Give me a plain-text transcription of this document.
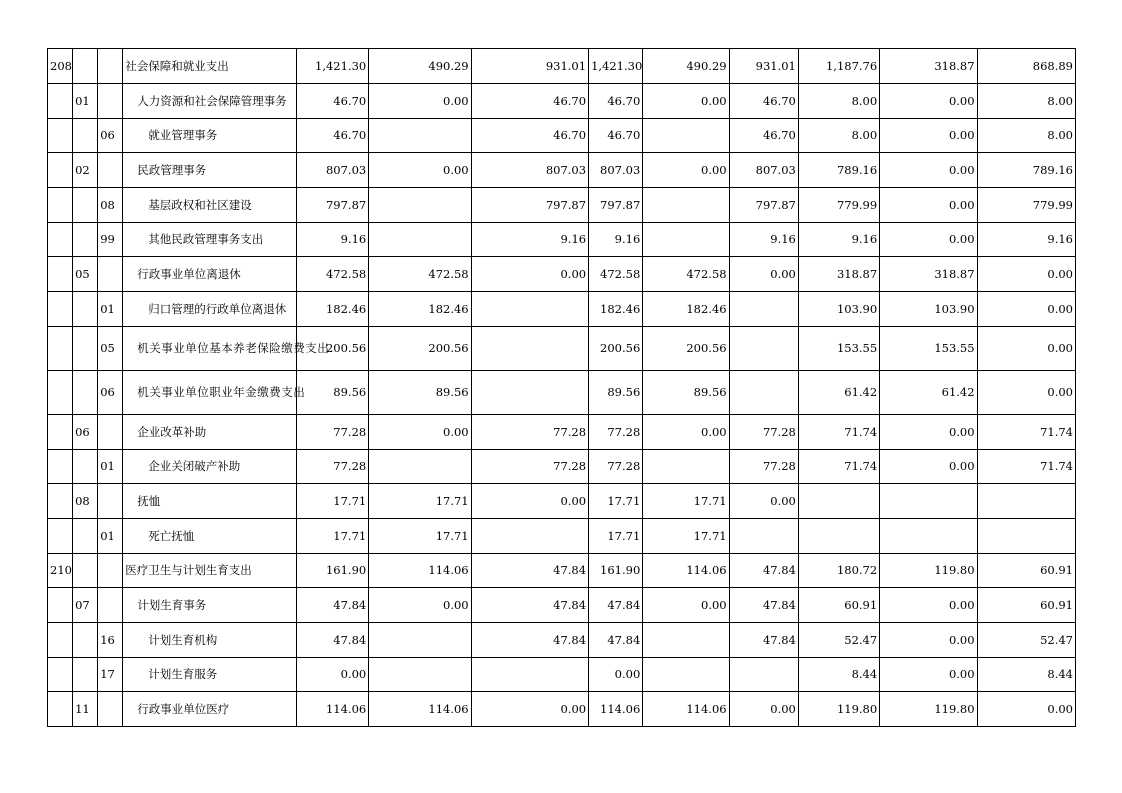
208			社会保障和就业支出	1,421.30	490.29	931.01	1,421.30	490.29	931.01	1,187.76	318.87	868.89
	01		人力资源和社会保障管理事务	46.70	0.00	46.70	46.70	0.00	46.70	8.00	0.00	8.00
		06	就业管理事务	46.70		46.70	46.70		46.70	8.00	0.00	8.00
	02		民政管理事务	807.03	0.00	807.03	807.03	0.00	807.03	789.16	0.00	789.16
		08	基层政权和社区建设	797.87		797.87	797.87		797.87	779.99	0.00	779.99
		99	其他民政管理事务支出	9.16		9.16	9.16		9.16	9.16	0.00	9.16
	05		行政事业单位离退休	472.58	472.58	0.00	472.58	472.58	0.00	318.87	318.87	0.00
		01	归口管理的行政单位离退休	182.46	182.46		182.46	182.46		103.90	103.90	0.00
		05	机关事业单位基本养老保险缴费支出	200.56	200.56		200.56	200.56		153.55	153.55	0.00
		06	机关事业单位职业年金缴费支出	89.56	89.56		89.56	89.56		61.42	61.42	0.00
	06		企业改革补助	77.28	0.00	77.28	77.28	0.00	77.28	71.74	0.00	71.74
		01	企业关闭破产补助	77.28		77.28	77.28		77.28	71.74	0.00	71.74
	08		抚恤	17.71	17.71	0.00	17.71	17.71	0.00			
		01	死亡抚恤	17.71	17.71		17.71	17.71				
210			医疗卫生与计划生育支出	161.90	114.06	47.84	161.90	114.06	47.84	180.72	119.80	60.91
	07		计划生育事务	47.84	0.00	47.84	47.84	0.00	47.84	60.91	0.00	60.91
		16	计划生育机构	47.84		47.84	47.84		47.84	52.47	0.00	52.47
		17	计划生育服务	0.00			0.00			8.44	0.00	8.44
	11		行政事业单位医疗	114.06	114.06	0.00	114.06	114.06	0.00	119.80	119.80	0.00
